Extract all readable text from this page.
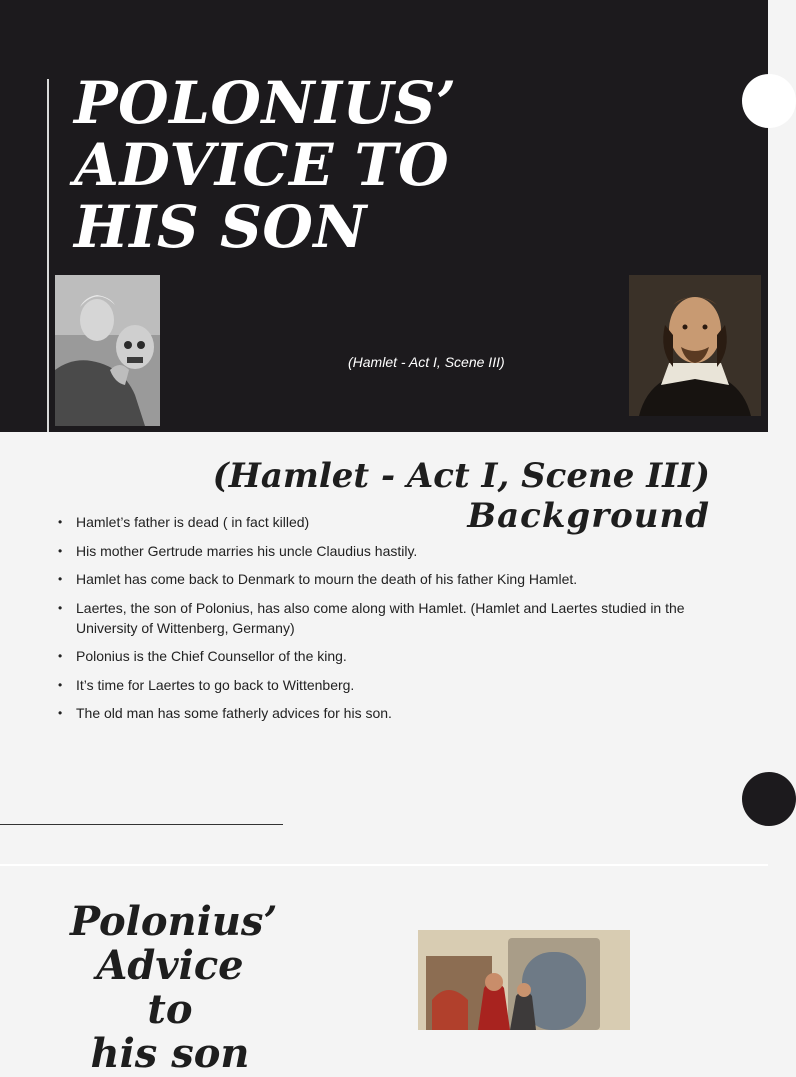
POLONIUS’
ADVICE TO
HIS SON
(Hamlet - Act I, Scene III)
(Hamlet - Act I, Scene III)
Background
• Hamlet’s father is dead ( in fact killed)
• His mother Gertrude marries his uncle Claudius hastily.
• Hamlet has come back to Denmark to mourn the death of his father King Hamlet.
• Laertes, the son of Polonius, has also come along with Hamlet. (Hamlet and Laertes studied in the University of Wittenberg, Germany)
• Polonius is the Chief Counsellor of the king.
• It’s time for Laertes to go back to Wittenberg.
• The old man has some fatherly advices for his son.
Polonius’
Advice to
his son
